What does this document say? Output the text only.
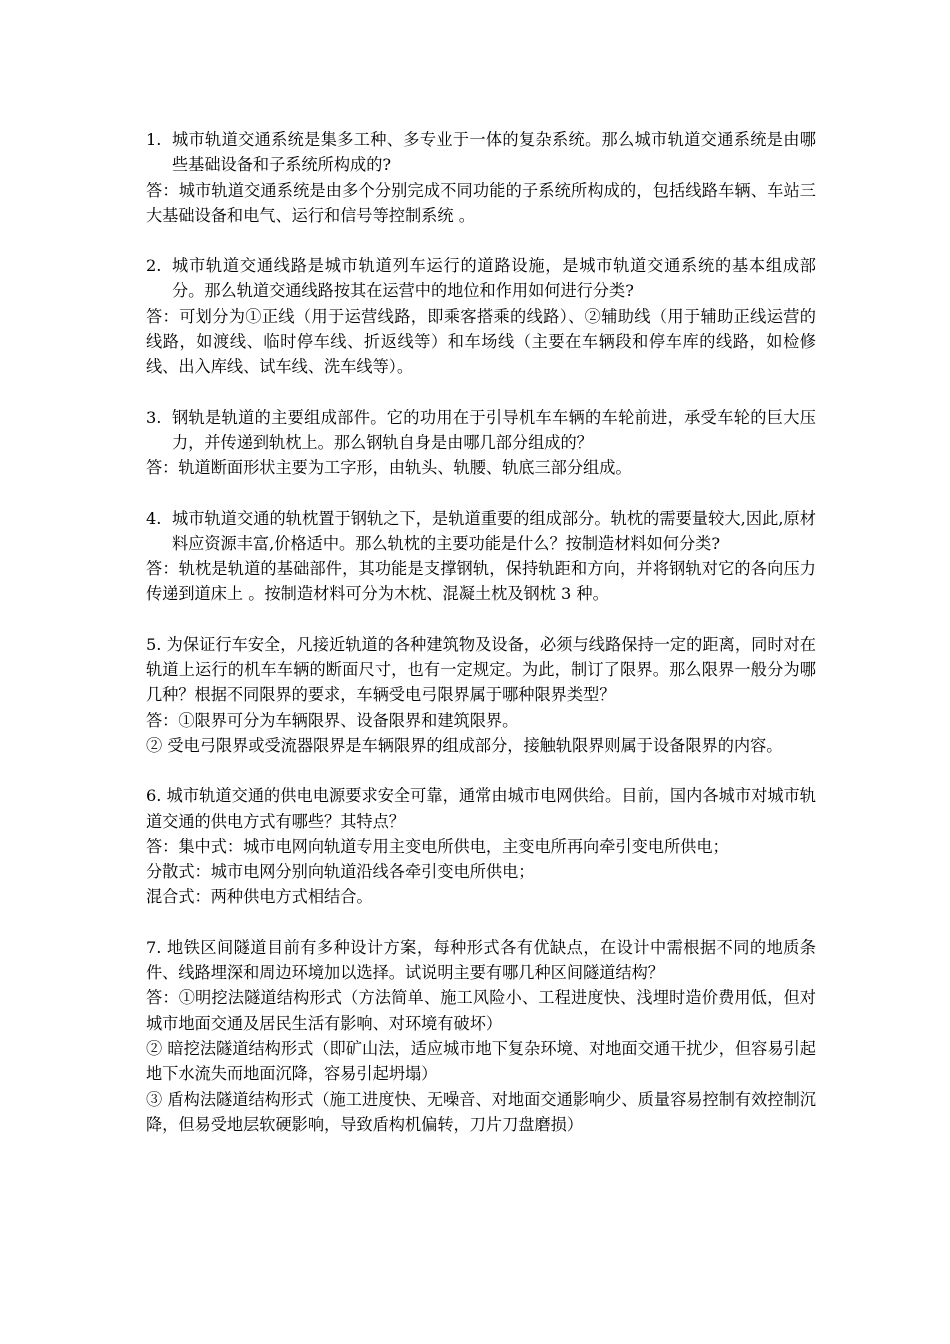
1. 城市轨道交通系统是集多工种、多专业于一体的复杂系统。那么城市轨道交通系统是由哪些基础设备和子系统所构成的?
答：城市轨道交通系统是由多个分别完成不同功能的子系统所构成的，包括线路车辆、车站三大基础设备和电气、运行和信号等控制系统 。
2. 城市轨道交通线路是城市轨道列车运行的道路设施，是城市轨道交通系统的基本组成部分。那么轨道交通线路按其在运营中的地位和作用如何进行分类?
答：可划分为①正线（用于运营线路，即乘客搭乘的线路）、②辅助线（用于辅助正线运营的线路，如渡线、临时停车线、折返线等）和车场线（主要在车辆段和停车库的线路，如检修线、出入库线、试车线、洗车线等）。
3. 钢轨是轨道的主要组成部件。它的功用在于引导机车车辆的车轮前进，承受车轮的巨大压力，并传递到轨枕上。那么钢轨自身是由哪几部分组成的？
答：轨道断面形状主要为工字形，由轨头、轨腰、轨底三部分组成。
4. 城市轨道交通的轨枕置于钢轨之下，是轨道重要的组成部分。轨枕的需要量较大,因此,原材料应资源丰富,价格适中。那么轨枕的主要功能是什么？按制造材料如何分类?
答：轨枕是轨道的基础部件，其功能是支撑钢轨，保持轨距和方向，并将钢轨对它的各向压力传递到道床上 。按制造材料可分为木枕、混凝土枕及钢枕 3 种。
5. 为保证行车安全，凡接近轨道的各种建筑物及设备，必须与线路保持一定的距离，同时对在轨道上运行的机车车辆的断面尺寸，也有一定规定。为此，制订了限界。那么限界一般分为哪几种？根据不同限界的要求，车辆受电弓限界属于哪种限界类型？
答：①限界可分为车辆限界、设备限界和建筑限界。
② 受电弓限界或受流器限界是车辆限界的组成部分，接触轨限界则属于设备限界的内容。
6. 城市轨道交通的供电电源要求安全可靠，通常由城市电网供给。目前，国内各城市对城市轨道交通的供电方式有哪些？其特点？
答：集中式：城市电网向轨道专用主变电所供电，主变电所再向牵引变电所供电；
分散式：城市电网分别向轨道沿线各牵引变电所供电；
混合式：两种供电方式相结合。
7. 地铁区间隧道目前有多种设计方案，每种形式各有优缺点，在设计中需根据不同的地质条件、线路埋深和周边环境加以选择。试说明主要有哪几种区间隧道结构？
答：①明挖法隧道结构形式（方法简单、施工风险小、工程进度快、浅埋时造价费用低，但对城市地面交通及居民生活有影响、对环境有破坏）
② 暗挖法隧道结构形式（即矿山法，适应城市地下复杂环境、对地面交通干扰少，但容易引起地下水流失而地面沉降，容易引起坍塌）
③ 盾构法隧道结构形式（施工进度快、无噪音、对地面交通影响少、质量容易控制有效控制沉降，但易受地层软硬影响，导致盾构机偏转，刀片刀盘磨损）
